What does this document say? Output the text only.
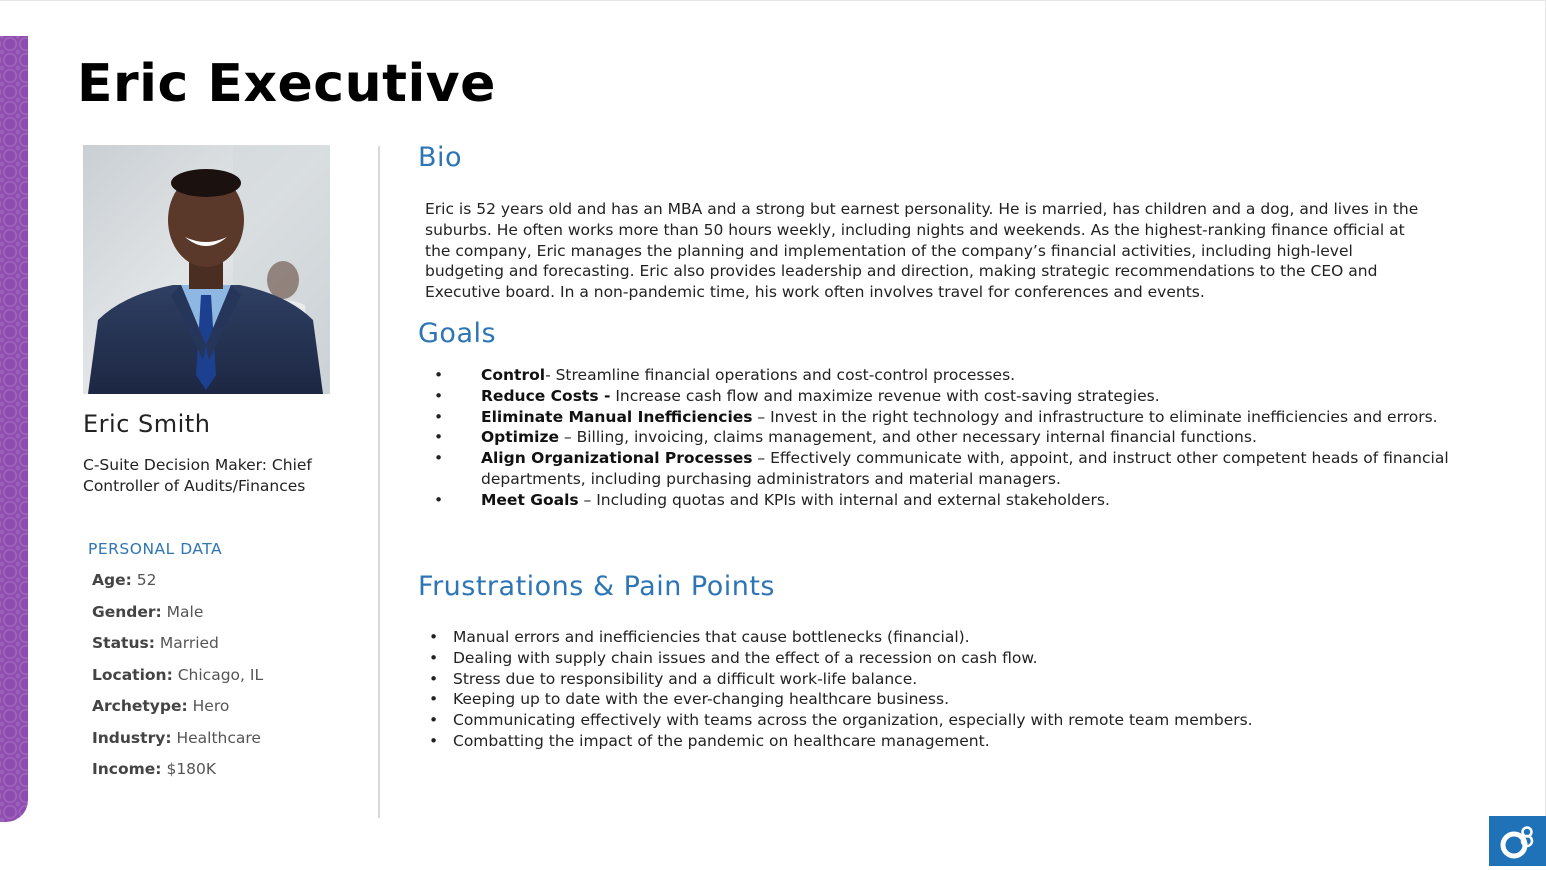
Eric Executive
Eric Smith
C-Suite Decision Maker: Chief Controller of Audits/Finances
PERSONAL DATA
Age: 52
Gender: Male
Status: Married
Location: Chicago, IL
Archetype: Hero
Industry: Healthcare
Income: $180K
Bio

Eric is 52 years old and has an MBA and a strong but earnest personality. He is married, has children and a dog, and lives in the suburbs. He often works more than 50 hours weekly, including nights and weekends. As the highest-ranking finance official at the company, Eric manages the planning and implementation of the company’s financial activities, including high-level budgeting and forecasting. Eric also provides leadership and direction, making strategic recommendations to the CEO and Executive board. In a non-pandemic time, his work often involves travel for conferences and events.

Goals
• Control- Streamline financial operations and cost-control processes.
• Reduce Costs - Increase cash flow and maximize revenue with cost-saving strategies.
• Eliminate Manual Inefficiencies – Invest in the right technology and infrastructure to eliminate inefficiencies and errors.
• Optimize – Billing, invoicing, claims management, and other necessary internal financial functions.
• Align Organizational Processes – Effectively communicate with, appoint, and instruct other competent heads of financial departments, including purchasing administrators and material managers.
• Meet Goals – Including quotas and KPIs with internal and external stakeholders.
Frustrations & Pain Points
• Manual errors and inefficiencies that cause bottlenecks (financial).
• Dealing with supply chain issues and the effect of a recession on cash flow.
• Stress due to responsibility and a difficult work-life balance.
• Keeping up to date with the ever-changing healthcare business.
• Communicating effectively with teams across the organization, especially with remote team members.
• Combatting the impact of the pandemic on healthcare management.
